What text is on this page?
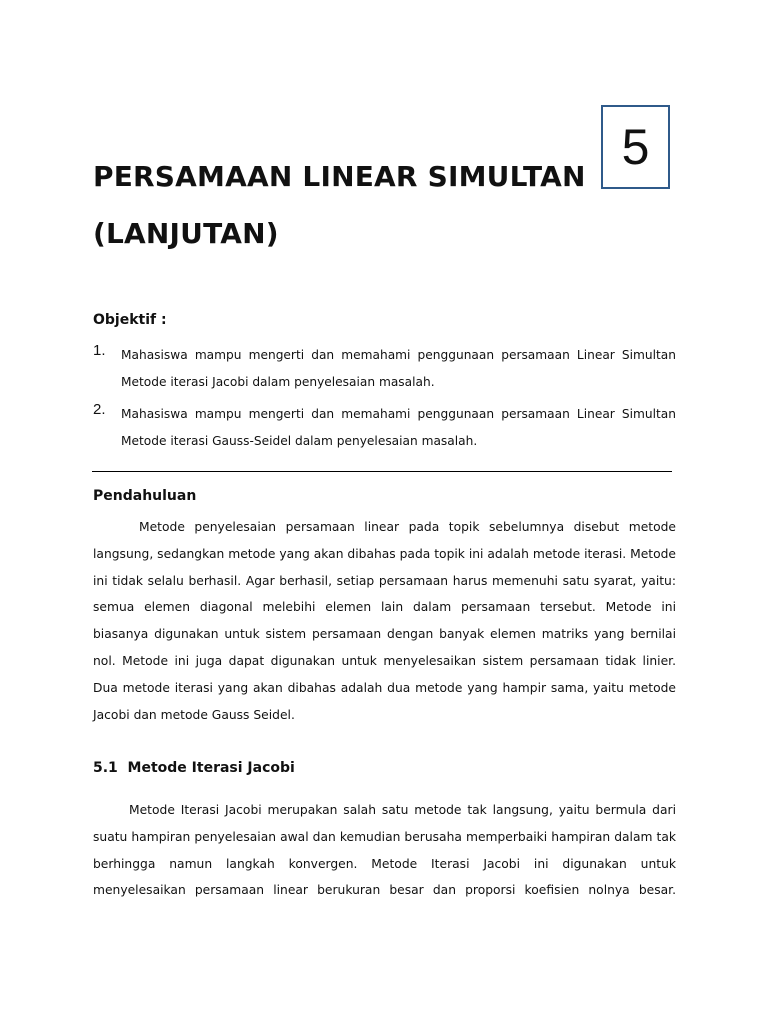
5
PERSAMAAN LINEAR SIMULTAN
(LANJUTAN)
Objektif :
1. Mahasiswa mampu mengerti dan memahami penggunaan persamaan Linear Simultan Metode iterasi Jacobi dalam penyelesaian masalah.
2. Mahasiswa mampu mengerti dan memahami penggunaan persamaan Linear Simultan Metode iterasi Gauss-Seidel dalam penyelesaian masalah.
Pendahuluan
Metode penyelesaian persamaan linear pada topik sebelumnya disebut metode langsung, sedangkan metode yang akan dibahas pada topik ini adalah metode iterasi. Metode ini tidak selalu berhasil. Agar berhasil, setiap persamaan harus memenuhi satu syarat, yaitu: semua elemen diagonal melebihi elemen lain dalam persamaan tersebut. Metode ini biasanya digunakan untuk sistem persamaan dengan banyak elemen matriks yang bernilai nol. Metode ini juga dapat digunakan untuk menyelesaikan sistem persamaan tidak linier. Dua metode iterasi yang akan dibahas adalah dua metode yang hampir sama, yaitu metode Jacobi dan metode Gauss Seidel.
5.1  Metode Iterasi Jacobi
Metode Iterasi Jacobi merupakan salah satu metode tak langsung, yaitu bermula dari suatu hampiran penyelesaian awal dan kemudian berusaha memperbaiki hampiran dalam tak berhingga namun langkah konvergen. Metode Iterasi Jacobi ini digunakan untuk menyelesaikan persamaan linear berukuran besar dan proporsi koefisien nolnya besar.
